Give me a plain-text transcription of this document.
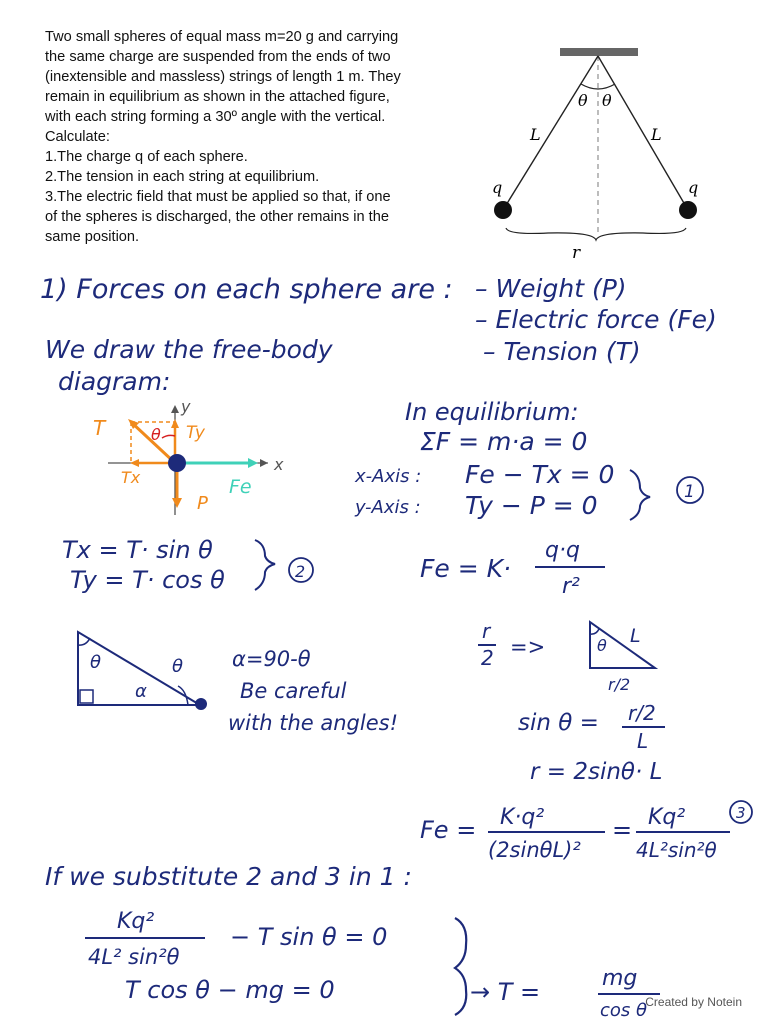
Two small spheres of equal mass m=20 g and carrying

the same charge are suspended from the ends of two

(inextensible and massless) strings of length 1 m. They

remain in equilibrium as shown in the attached figure,

with each string forming a 30º angle with the vertical.

Calculate:

1.The charge q of each sphere.

2.The tension in each string at equilibrium.

3.The electric field that must be applied so that, if one

of the spheres is discharged, the other remains in the

same position.

θ θ
L	L
q	q
r
1) Forces on each sphere are : – Weight (P)
– Electric force (Fe)
– Tension (T)
We draw the free-body
diagram:
T	Ty
y
x
θ
Tx
P
Fe
In equilibrium:
ΣF = m·a = 0
x-Axis : Fe − Tx = 0
y-Axis : Ty − P = 0	1
Tx = T· sin θ
Ty = T· cos θ	2	Fe = K·
q·q
r²
θ	θ
α
α=90-θ
Be careful
with the angles!
r
2 =>	θ L
r/2
sin θ = r/2
L
r = 2sinθ· L
Fe = K·q²
(2sinθL)²
= Kq²
4L²sin²θ
3
If we substitute 2 and 3 in 1 :
Kq²
4L² sin²θ
− T sin θ = 0
T cos θ − mg = 0	→ T =	mg
cos θ
Created by Notein
